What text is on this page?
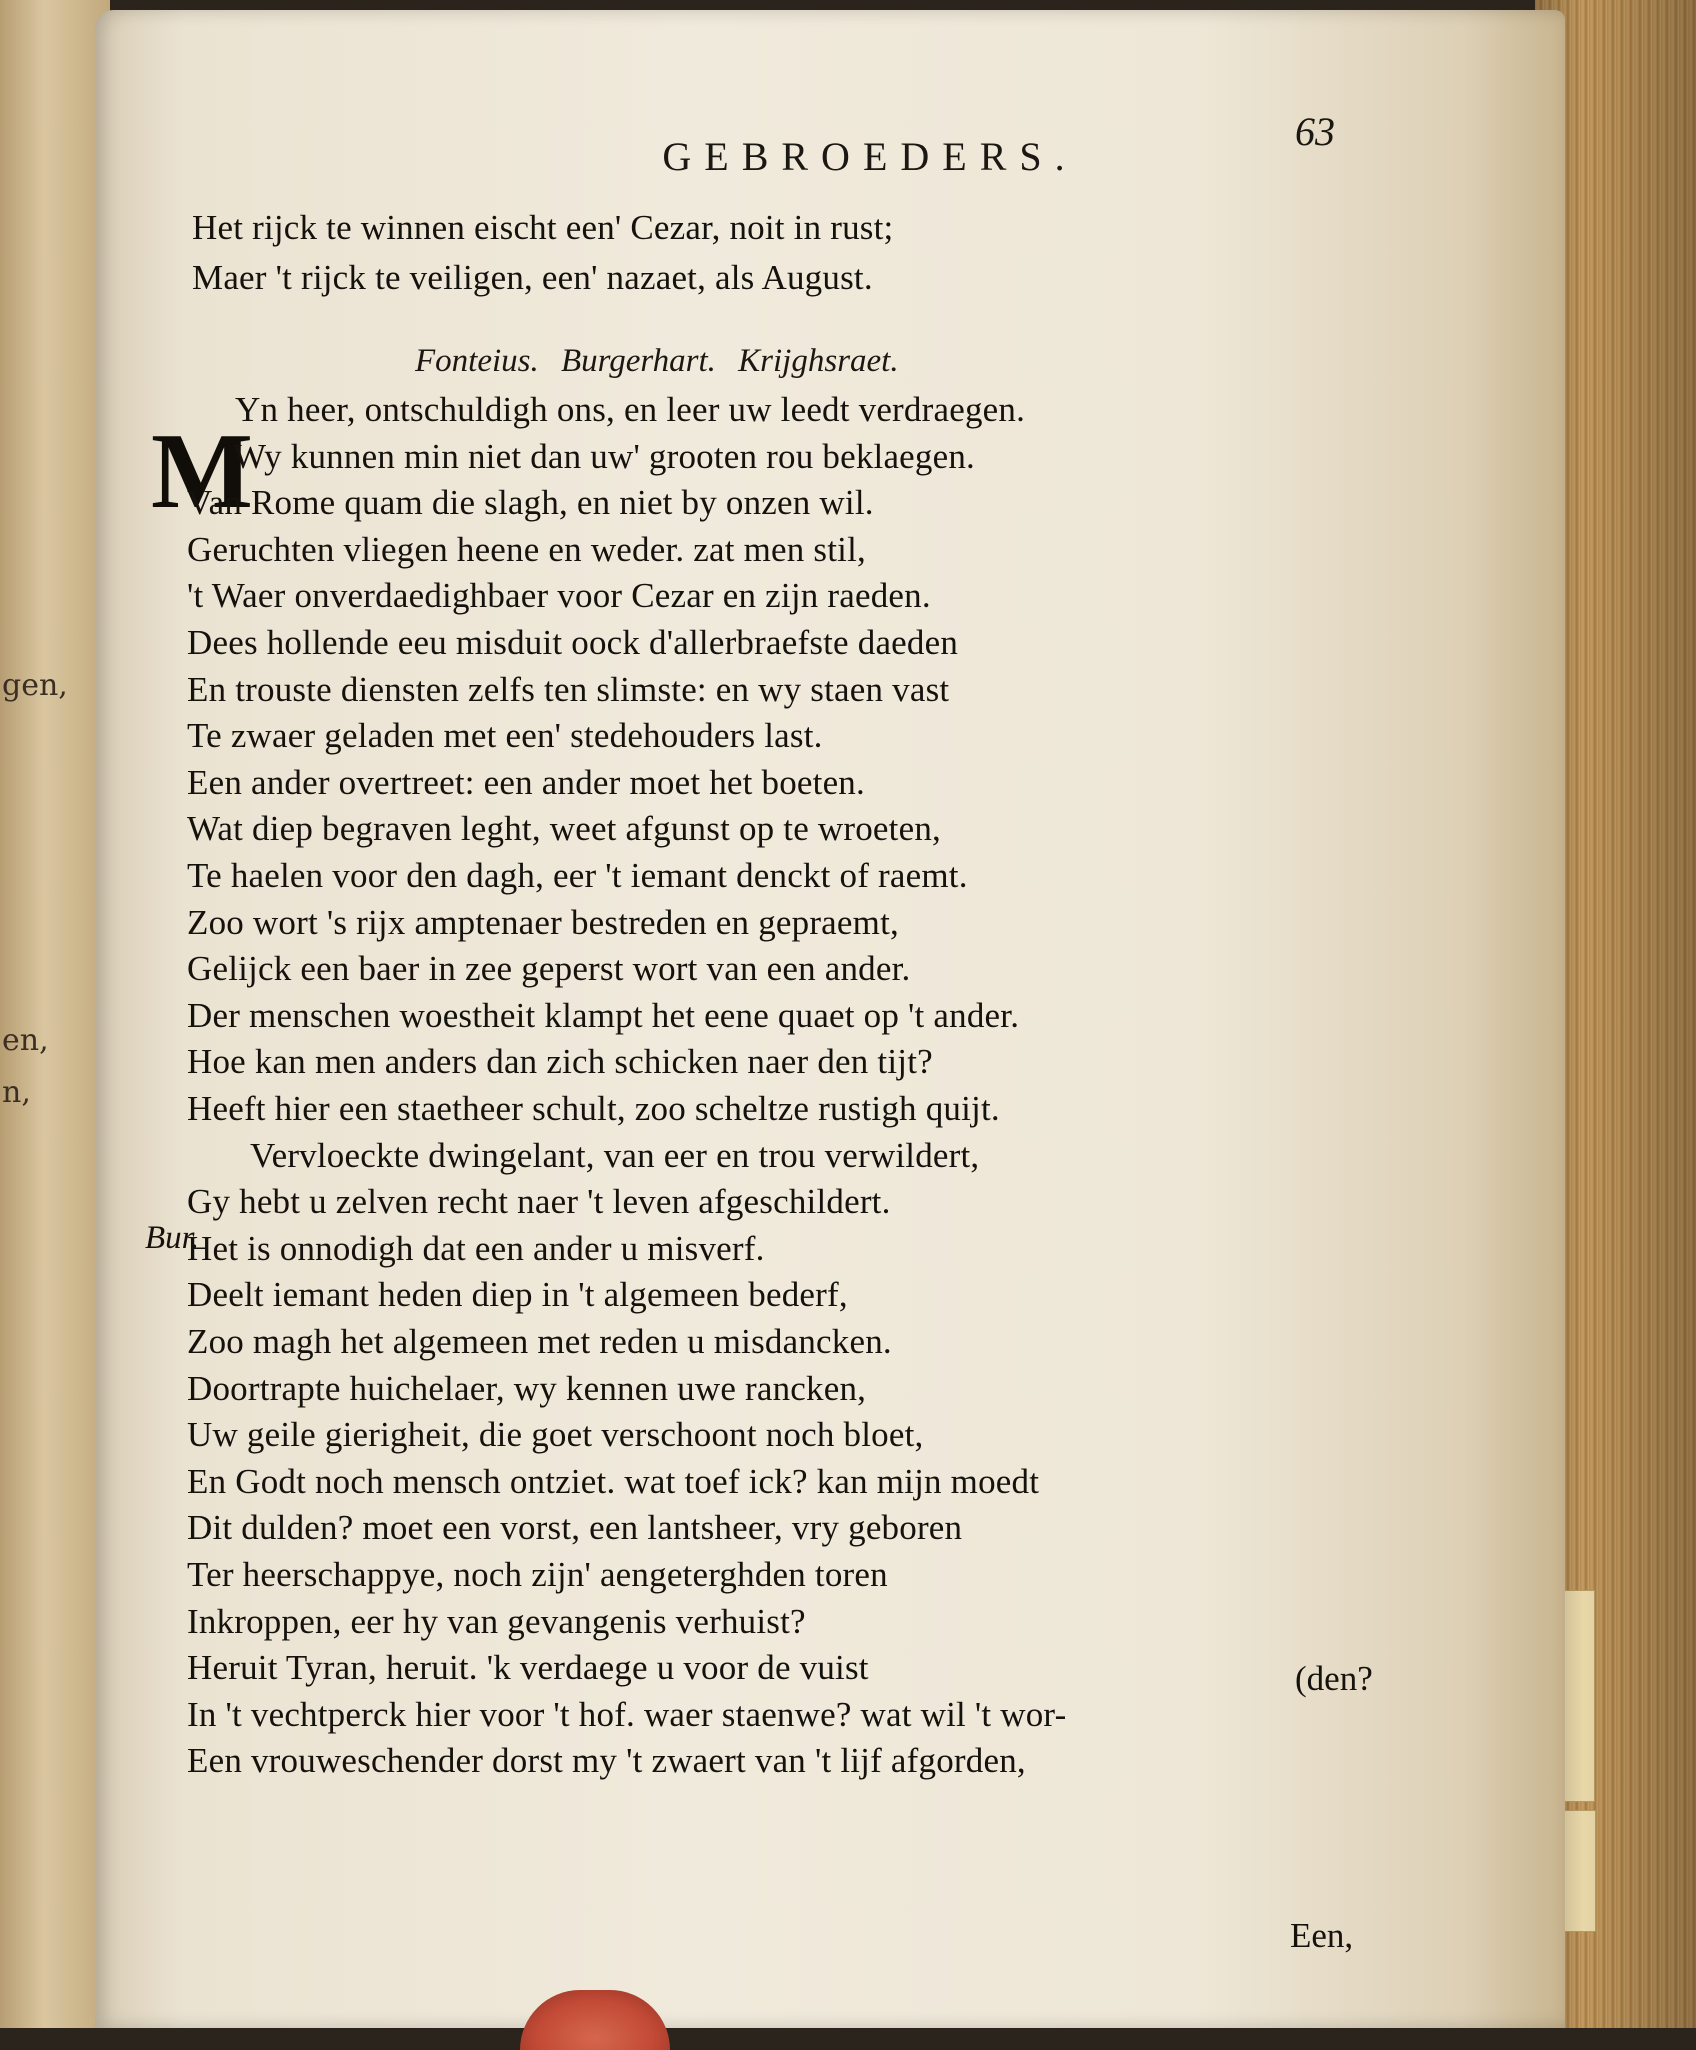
gen,
en,
n,
63
GEBROEDERS.
Fonteius. Burgerhart. Krijghsraet.
M
Het rijck te winnen eischt een' Cezar, noit in rust;
Maer 't rijck te veiligen, een' nazaet, als August.
Yn heer, ontschuldigh ons, en leer uw leedt verdraegen.
Wy kunnen min niet dan uw' grooten rou beklaegen.
Van Rome quam die slagh, en niet by onzen wil.
Geruchten vliegen heene en weder. zat men stil,
't Waer onverdaedighbaer voor Cezar en zijn raeden.
Dees hollende eeu misduit oock d'allerbraefste daeden
En trouste diensten zelfs ten slimste: en wy staen vast
Te zwaer geladen met een' stedehouders last.
Een ander overtreet: een ander moet het boeten.
Wat diep begraven leght, weet afgunst op te wroeten,
Te haelen voor den dagh, eer 't iemant denckt of raemt.
Zoo wort 's rijx amptenaer bestreden en gepraemt,
Gelijck een baer in zee geperst wort van een ander.
Der menschen woestheit klampt het eene quaet op 't ander.
Hoe kan men anders dan zich schicken naer den tijt?
Heeft hier een staetheer schult, zoo scheltze rustigh quijt.
Vervloeckte dwingelant, van eer en trou verwildert,
Gy hebt u zelven recht naer 't leven afgeschildert.
Het is onnodigh dat een ander u misverf.
Deelt iemant heden diep in 't algemeen bederf,
Zoo magh het algemeen met reden u misdancken.
Doortrapte huichelaer, wy kennen uwe rancken,
Uw geile gierigheit, die goet verschoont noch bloet,
En Godt noch mensch ontziet. wat toef ick? kan mijn moedt
Dit dulden? moet een vorst, een lantsheer, vry geboren
Ter heerschappye, noch zijn' aengeterghden toren
Inkroppen, eer hy van gevangenis verhuist?
Heruit Tyran, heruit. 'k verdaege u voor de vuist
In 't vechtperck hier voor 't hof. waer staenwe? wat wil 't wor-
Een vrouweschender dorst my 't zwaert van 't lijf afgorden,
Bur.
(den?
Een,
